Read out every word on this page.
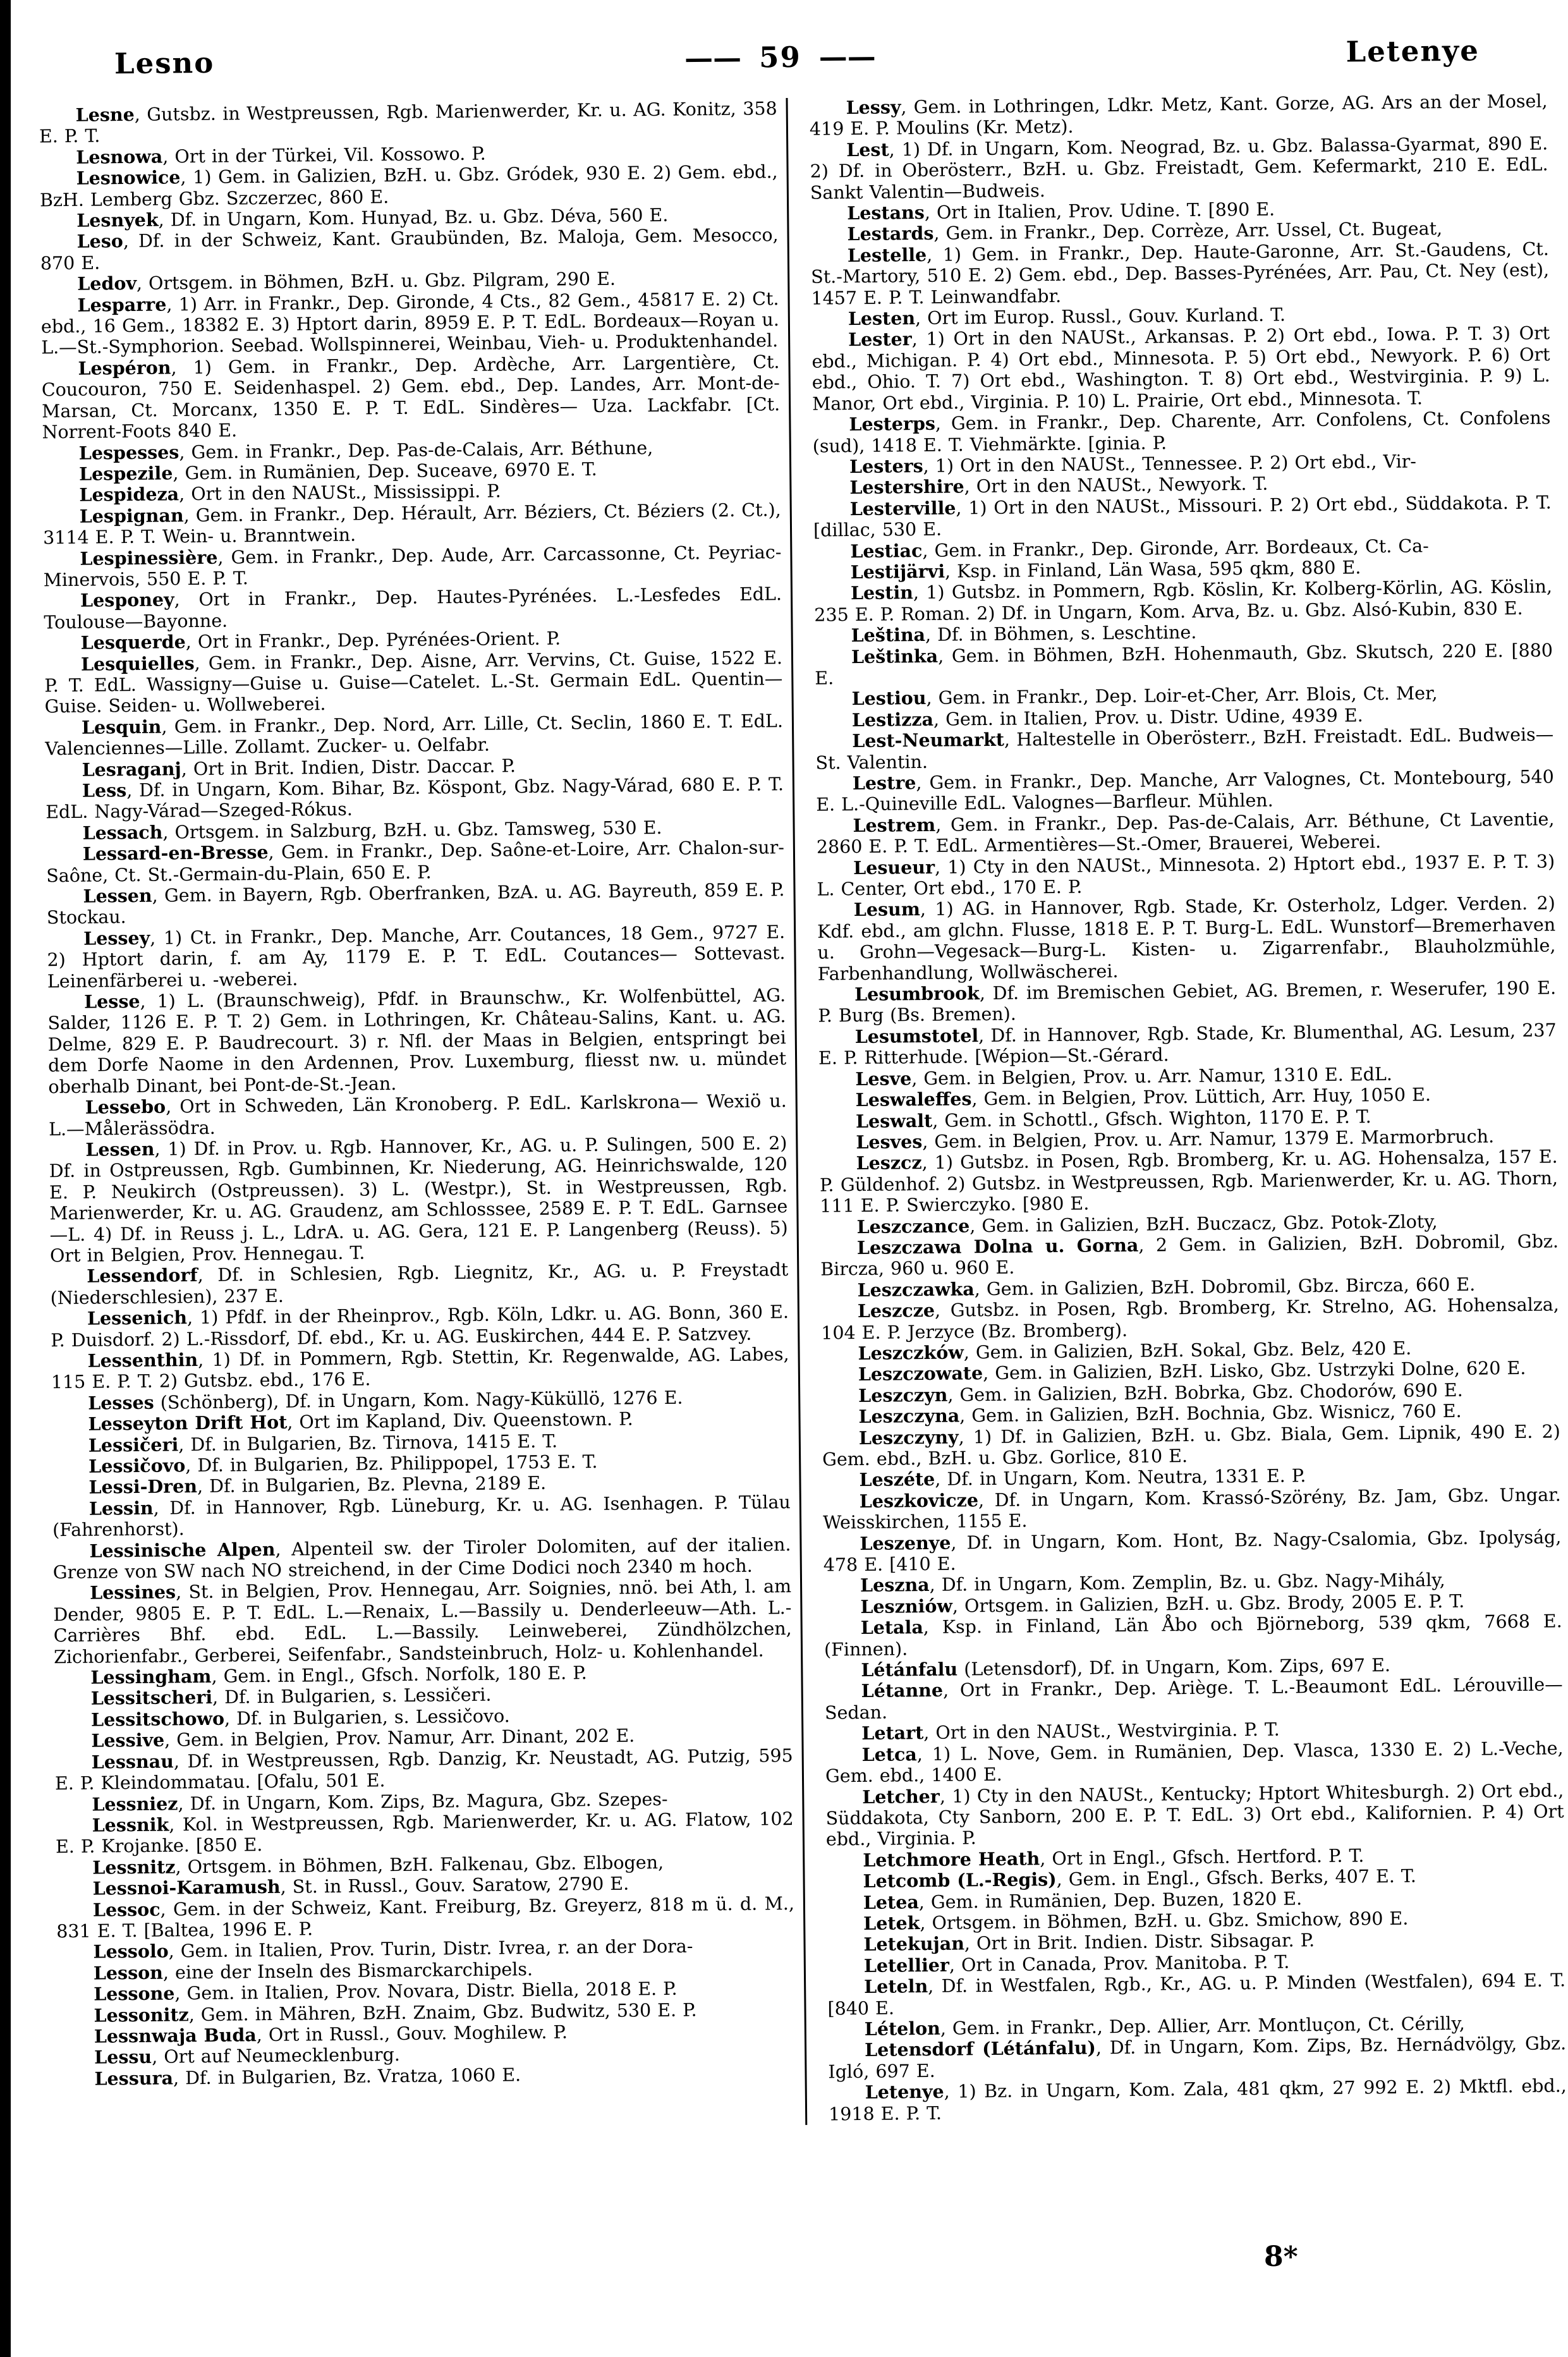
Lesno	—— 59 ——	Letenye

Lesne, Gutsbz. in Westpreussen, Rgb. Marienwerder, Kr. u. AG. Konitz, 358 E. P. T.

Lesnowa, Ort in der Türkei, Vil. Kossowo. P.

Lesnowice, 1) Gem. in Galizien, BzH. u. Gbz. Gródek, 930 E. 2) Gem. ebd., BzH. Lemberg Gbz. Szczerzec, 860 E.

Lesnyek, Df. in Ungarn, Kom. Hunyad, Bz. u. Gbz. Déva, 560 E.

Leso, Df. in der Schweiz, Kant. Graubünden, Bz. Maloja, Gem. Mesocco, 870 E.

Ledov, Ortsgem. in Böhmen, BzH. u. Gbz. Pilgram, 290 E.

Lesparre, 1) Arr. in Frankr., Dep. Gironde, 4 Cts., 82 Gem., 45817 E. 2) Ct. ebd., 16 Gem., 18382 E. 3) Hptort darin, 8959 E. P. T. EdL. Bordeaux—Royan u. L.—St.-Symphorion. Seebad. Wollspinnerei, Weinbau, Vieh- u. Produktenhandel.

Lespéron, 1) Gem. in Frankr., Dep. Ardèche, Arr. Largentière, Ct. Coucouron, 750 E. Seidenhaspel. 2) Gem. ebd., Dep. Landes, Arr. Mont-de-Marsan, Ct. Morcanx, 1350 E. P. T. EdL. Sindères— Uza. Lackfabr. [Ct. Norrent-Foots 840 E.

Lespesses, Gem. in Frankr., Dep. Pas-de-Calais, Arr. Béthune,

Lespezile, Gem. in Rumänien, Dep. Suceave, 6970 E. T.

Lespideza, Ort in den NAUSt., Mississippi. P.

Lespignan, Gem. in Frankr., Dep. Hérault, Arr. Béziers, Ct. Béziers (2. Ct.), 3114 E. P. T. Wein- u. Branntwein.

Lespinessière, Gem. in Frankr., Dep. Aude, Arr. Carcassonne, Ct. Peyriac-Minervois, 550 E. P. T.

Lesponey, Ort in Frankr., Dep. Hautes-Pyrénées. L.-Lesfedes EdL. Toulouse—Bayonne.

Lesquerde, Ort in Frankr., Dep. Pyrénées-Orient. P.

Lesquielles, Gem. in Frankr., Dep. Aisne, Arr. Vervins, Ct. Guise, 1522 E. P. T. EdL. Wassigny—Guise u. Guise—Catelet. L.-St. Germain EdL. Quentin—Guise. Seiden- u. Wollweberei.

Lesquin, Gem. in Frankr., Dep. Nord, Arr. Lille, Ct. Seclin, 1860 E. T. EdL. Valenciennes—Lille. Zollamt. Zucker- u. Oelfabr.

Lesraganj, Ort in Brit. Indien, Distr. Daccar. P.

Less, Df. in Ungarn, Kom. Bihar, Bz. Köspont, Gbz. Nagy-Várad, 680 E. P. T. EdL. Nagy-Várad—Szeged-Rókus.

Lessach, Ortsgem. in Salzburg, BzH. u. Gbz. Tamsweg, 530 E.

Lessard-en-Bresse, Gem. in Frankr., Dep. Saône-et-Loire, Arr. Chalon-sur-Saône, Ct. St.-Germain-du-Plain, 650 E. P.

Lessen, Gem. in Bayern, Rgb. Oberfranken, BzA. u. AG. Bayreuth, 859 E. P. Stockau.

Lessey, 1) Ct. in Frankr., Dep. Manche, Arr. Coutances, 18 Gem., 9727 E. 2) Hptort darin, f. am Ay, 1179 E. P. T. EdL. Coutances— Sottevast. Leinenfärberei u. -weberei.

Lesse, 1) L. (Braunschweig), Pfdf. in Braunschw., Kr. Wolfenbüttel, AG. Salder, 1126 E. P. T. 2) Gem. in Lothringen, Kr. Château-Salins, Kant. u. AG. Delme, 829 E. P. Baudrecourt. 3) r. Nfl. der Maas in Belgien, entspringt bei dem Dorfe Naome in den Ardennen, Prov. Luxemburg, fliesst nw. u. mündet oberhalb Dinant, bei Pont-de-St.-Jean.

Lessebo, Ort in Schweden, Län Kronoberg. P. EdL. Karlskrona— Wexiö u. L.—Målerässödra.

Lessen, 1) Df. in Prov. u. Rgb. Hannover, Kr., AG. u. P. Sulingen, 500 E. 2) Df. in Ostpreussen, Rgb. Gumbinnen, Kr. Niederung, AG. Heinrichswalde, 120 E. P. Neukirch (Ostpreussen). 3) L. (Westpr.), St. in Westpreussen, Rgb. Marienwerder, Kr. u. AG. Graudenz, am Schlosssee, 2589 E. P. T. EdL. Garnsee—L. 4) Df. in Reuss j. L., LdrA. u. AG. Gera, 121 E. P. Langenberg (Reuss). 5) Ort in Belgien, Prov. Hennegau. T.

Lessendorf, Df. in Schlesien, Rgb. Liegnitz, Kr., AG. u. P. Freystadt (Niederschlesien), 237 E.

Lessenich, 1) Pfdf. in der Rheinprov., Rgb. Köln, Ldkr. u. AG. Bonn, 360 E. P. Duisdorf. 2) L.-Rissdorf, Df. ebd., Kr. u. AG. Euskirchen, 444 E. P. Satzvey.

Lessenthin, 1) Df. in Pommern, Rgb. Stettin, Kr. Regenwalde, AG. Labes, 115 E. P. T. 2) Gutsbz. ebd., 176 E.

Lesses (Schönberg), Df. in Ungarn, Kom. Nagy-Küküllö, 1276 E.

Lesseyton Drift Hot, Ort im Kapland, Div. Queenstown. P.

Lessičeri, Df. in Bulgarien, Bz. Tirnova, 1415 E. T.

Lessičovo, Df. in Bulgarien, Bz. Philippopel, 1753 E. T.

Lessi-Dren, Df. in Bulgarien, Bz. Plevna, 2189 E.

Lessin, Df. in Hannover, Rgb. Lüneburg, Kr. u. AG. Isenhagen. P. Tülau (Fahrenhorst).

Lessinische Alpen, Alpenteil sw. der Tiroler Dolomiten, auf der italien. Grenze von SW nach NO streichend, in der Cime Dodici noch 2340 m hoch.

Lessines, St. in Belgien, Prov. Hennegau, Arr. Soignies, nnö. bei Ath, l. am Dender, 9805 E. P. T. EdL. L.—Renaix, L.—Bassily u. Denderleeuw—Ath. L.-Carrières Bhf. ebd. EdL. L.—Bassily. Leinweberei, Zündhölzchen, Zichorienfabr., Gerberei, Seifenfabr., Sandsteinbruch, Holz- u. Kohlenhandel.

Lessingham, Gem. in Engl., Gfsch. Norfolk, 180 E. P.

Lessitscheri, Df. in Bulgarien, s. Lessičeri.

Lessitschowo, Df. in Bulgarien, s. Lessičovo.

Lessive, Gem. in Belgien, Prov. Namur, Arr. Dinant, 202 E.

Lessnau, Df. in Westpreussen, Rgb. Danzig, Kr. Neustadt, AG. Putzig, 595 E. P. Kleindommatau. [Ofalu, 501 E.

Lessniez, Df. in Ungarn, Kom. Zips, Bz. Magura, Gbz. Szepes-

Lessnik, Kol. in Westpreussen, Rgb. Marienwerder, Kr. u. AG. Flatow, 102 E. P. Krojanke. [850 E.

Lessnitz, Ortsgem. in Böhmen, BzH. Falkenau, Gbz. Elbogen,

Lessnoi-Karamush, St. in Russl., Gouv. Saratow, 2790 E.

Lessoc, Gem. in der Schweiz, Kant. Freiburg, Bz. Greyerz, 818 m ü. d. M., 831 E. T. [Baltea, 1996 E. P.

Lessolo, Gem. in Italien, Prov. Turin, Distr. Ivrea, r. an der Dora-

Lesson, eine der Inseln des Bismarckarchipels.

Lessone, Gem. in Italien, Prov. Novara, Distr. Biella, 2018 E. P.

Lessonitz, Gem. in Mähren, BzH. Znaim, Gbz. Budwitz, 530 E. P.

Lessnwaja Buda, Ort in Russl., Gouv. Moghilew. P.

Lessu, Ort auf Neumecklenburg.

Lessura, Df. in Bulgarien, Bz. Vratza, 1060 E.

Lessy, Gem. in Lothringen, Ldkr. Metz, Kant. Gorze, AG. Ars an der Mosel, 419 E. P. Moulins (Kr. Metz).

Lest, 1) Df. in Ungarn, Kom. Neograd, Bz. u. Gbz. Balassa-Gyarmat, 890 E. 2) Df. in Oberösterr., BzH. u. Gbz. Freistadt, Gem. Kefermarkt, 210 E. EdL. Sankt Valentin—Budweis.

Lestans, Ort in Italien, Prov. Udine. T. [890 E.

Lestards, Gem. in Frankr., Dep. Corrèze, Arr. Ussel, Ct. Bugeat,

Lestelle, 1) Gem. in Frankr., Dep. Haute-Garonne, Arr. St.-Gaudens, Ct. St.-Martory, 510 E. 2) Gem. ebd., Dep. Basses-Pyrénées, Arr. Pau, Ct. Ney (est), 1457 E. P. T. Leinwandfabr.

Lesten, Ort im Europ. Russl., Gouv. Kurland. T.

Lester, 1) Ort in den NAUSt., Arkansas. P. 2) Ort ebd., Iowa. P. T. 3) Ort ebd., Michigan. P. 4) Ort ebd., Minnesota. P. 5) Ort ebd., Newyork. P. 6) Ort ebd., Ohio. T. 7) Ort ebd., Washington. T. 8) Ort ebd., Westvirginia. P. 9) L. Manor, Ort ebd., Virginia. P. 10) L. Prairie, Ort ebd., Minnesota. T.

Lesterps, Gem. in Frankr., Dep. Charente, Arr. Confolens, Ct. Confolens (sud), 1418 E. T. Viehmärkte. [ginia. P.

Lesters, 1) Ort in den NAUSt., Tennessee. P. 2) Ort ebd., Vir-

Lestershire, Ort in den NAUSt., Newyork. T.

Lesterville, 1) Ort in den NAUSt., Missouri. P. 2) Ort ebd., Süddakota. P. T. [dillac, 530 E.

Lestiac, Gem. in Frankr., Dep. Gironde, Arr. Bordeaux, Ct. Ca-

Lestijärvi, Ksp. in Finland, Län Wasa, 595 qkm, 880 E.

Lestin, 1) Gutsbz. in Pommern, Rgb. Köslin, Kr. Kolberg-Körlin, AG. Köslin, 235 E. P. Roman. 2) Df. in Ungarn, Kom. Arva, Bz. u. Gbz. Alsó-Kubin, 830 E.

Leština, Df. in Böhmen, s. Leschtine.

Leštinka, Gem. in Böhmen, BzH. Hohenmauth, Gbz. Skutsch, 220 E. [880 E.

Lestiou, Gem. in Frankr., Dep. Loir-et-Cher, Arr. Blois, Ct. Mer,

Lestizza, Gem. in Italien, Prov. u. Distr. Udine, 4939 E.

Lest-Neumarkt, Haltestelle in Oberösterr., BzH. Freistadt. EdL. Budweis—St. Valentin.

Lestre, Gem. in Frankr., Dep. Manche, Arr Valognes, Ct. Montebourg, 540 E. L.-Quineville EdL. Valognes—Barfleur. Mühlen.

Lestrem, Gem. in Frankr., Dep. Pas-de-Calais, Arr. Béthune, Ct Laventie, 2860 E. P. T. EdL. Armentières—St.-Omer, Brauerei, Weberei.

Lesueur, 1) Cty in den NAUSt., Minnesota. 2) Hptort ebd., 1937 E. P. T. 3) L. Center, Ort ebd., 170 E. P.

Lesum, 1) AG. in Hannover, Rgb. Stade, Kr. Osterholz, Ldger. Verden. 2) Kdf. ebd., am glchn. Flusse, 1818 E. P. T. Burg-L. EdL. Wunstorf—Bremerhaven u. Grohn—Vegesack—Burg-L. Kisten- u. Zigarrenfabr., Blauholzmühle, Farbenhandlung, Wollwäscherei.

Lesumbrook, Df. im Bremischen Gebiet, AG. Bremen, r. Weserufer, 190 E. P. Burg (Bs. Bremen).

Lesumstotel, Df. in Hannover, Rgb. Stade, Kr. Blumenthal, AG. Lesum, 237 E. P. Ritterhude. [Wépion—St.-Gérard.

Lesve, Gem. in Belgien, Prov. u. Arr. Namur, 1310 E. EdL.

Leswaleffes, Gem. in Belgien, Prov. Lüttich, Arr. Huy, 1050 E.

Leswalt, Gem. in Schottl., Gfsch. Wighton, 1170 E. P. T.

Lesves, Gem. in Belgien, Prov. u. Arr. Namur, 1379 E. Marmorbruch.

Leszcz, 1) Gutsbz. in Posen, Rgb. Bromberg, Kr. u. AG. Hohensalza, 157 E. P. Güldenhof. 2) Gutsbz. in Westpreussen, Rgb. Marienwerder, Kr. u. AG. Thorn, 111 E. P. Swierczyko. [980 E.

Leszczance, Gem. in Galizien, BzH. Buczacz, Gbz. Potok-Zloty,

Leszczawa Dolna u. Gorna, 2 Gem. in Galizien, BzH. Dobromil, Gbz. Bircza, 960 u. 960 E.

Leszczawka, Gem. in Galizien, BzH. Dobromil, Gbz. Bircza, 660 E.

Leszcze, Gutsbz. in Posen, Rgb. Bromberg, Kr. Strelno, AG. Hohensalza, 104 E. P. Jerzyce (Bz. Bromberg).

Leszczków, Gem. in Galizien, BzH. Sokal, Gbz. Belz, 420 E.

Leszczowate, Gem. in Galizien, BzH. Lisko, Gbz. Ustrzyki Dolne, 620 E.

Leszczyn, Gem. in Galizien, BzH. Bobrka, Gbz. Chodorów, 690 E.

Leszczyna, Gem. in Galizien, BzH. Bochnia, Gbz. Wisnicz, 760 E.

Leszczyny, 1) Df. in Galizien, BzH. u. Gbz. Biala, Gem. Lipnik, 490 E. 2) Gem. ebd., BzH. u. Gbz. Gorlice, 810 E.

Leszéte, Df. in Ungarn, Kom. Neutra, 1331 E. P.

Leszkovicze, Df. in Ungarn, Kom. Krassó-Szörény, Bz. Jam, Gbz. Ungar. Weisskirchen, 1155 E.

Leszenye, Df. in Ungarn, Kom. Hont, Bz. Nagy-Csalomia, Gbz. Ipolyság, 478 E. [410 E.

Leszna, Df. in Ungarn, Kom. Zemplin, Bz. u. Gbz. Nagy-Mihály,

Leszniów, Ortsgem. in Galizien, BzH. u. Gbz. Brody, 2005 E. P. T.

Letala, Ksp. in Finland, Län Åbo och Björneborg, 539 qkm, 7668 E. (Finnen).

Létánfalu (Letensdorf), Df. in Ungarn, Kom. Zips, 697 E.

Létanne, Ort in Frankr., Dep. Ariège. T. L.-Beaumont EdL. Lérouville—Sedan.

Letart, Ort in den NAUSt., Westvirginia. P. T.

Letca, 1) L. Nove, Gem. in Rumänien, Dep. Vlasca, 1330 E. 2) L.-Veche, Gem. ebd., 1400 E.

Letcher, 1) Cty in den NAUSt., Kentucky; Hptort Whitesburgh. 2) Ort ebd., Süddakota, Cty Sanborn, 200 E. P. T. EdL. 3) Ort ebd., Kalifornien. P. 4) Ort ebd., Virginia. P.

Letchmore Heath, Ort in Engl., Gfsch. Hertford. P. T.

Letcomb (L.-Regis), Gem. in Engl., Gfsch. Berks, 407 E. T.

Letea, Gem. in Rumänien, Dep. Buzen, 1820 E.

Letek, Ortsgem. in Böhmen, BzH. u. Gbz. Smichow, 890 E.

Letekujan, Ort in Brit. Indien. Distr. Sibsagar. P.

Letellier, Ort in Canada, Prov. Manitoba. P. T.

Leteln, Df. in Westfalen, Rgb., Kr., AG. u. P. Minden (Westfalen), 694 E. T. [840 E.

Lételon, Gem. in Frankr., Dep. Allier, Arr. Montluçon, Ct. Cérilly,

Letensdorf (Létánfalu), Df. in Ungarn, Kom. Zips, Bz. Hernádvölgy, Gbz. Igló, 697 E.

Letenye, 1) Bz. in Ungarn, Kom. Zala, 481 qkm, 27 992 E. 2) Mktfl. ebd., 1918 E. P. T.

8*
